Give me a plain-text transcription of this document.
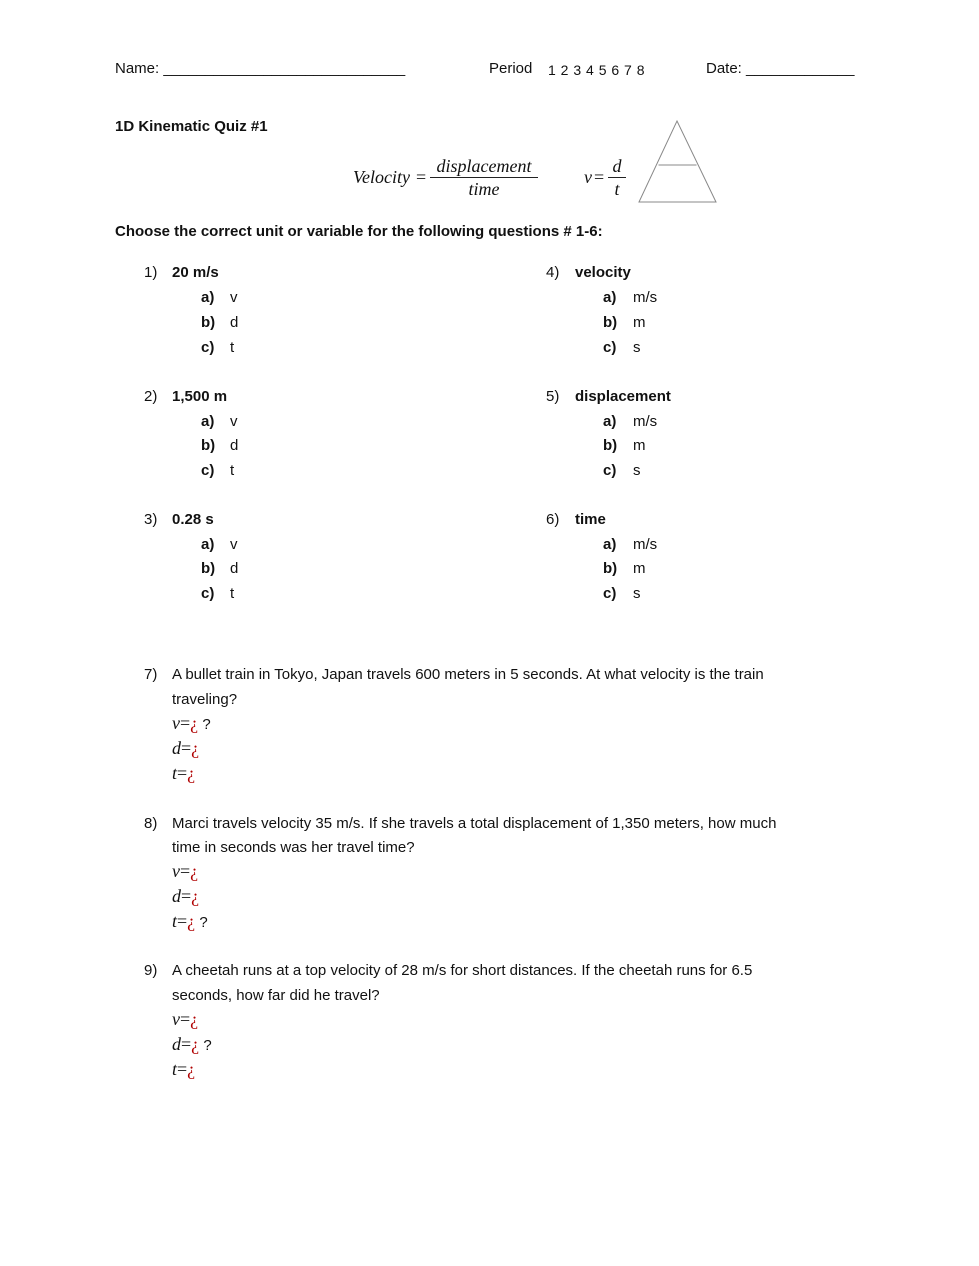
Name: _____________________________	Period 1 2 3 4 5 6 7 8	Date: _____________
1D Kinematic Quiz #1
Velocity =
displacement
time
$v = \frac{d}{t}$
Choose the correct unit or variable for the following questions # 1-6:
1) 20 m/s
a) v
b) d
c) t
2) 1,500 m
a) v
b) d
c) t
3) 0.28 s
a) v
b) d
c) t
4) velocity
a) m/s
b) m
c) s
5) displacement
a) m/s
b) m
c) s
6) time
a) m/s
b) m
c) s
7) A bullet train in Tokyo, Japan travels 600 meters in 5 seconds. At what velocity is the train
traveling?
v=¿ ?
d=¿
t=¿
8) Marci travels velocity 35 m/s. If she travels a total displacement of 1,350 meters, how much
time in seconds was her travel time?
v=¿
d=¿
t=¿ ?
9) A cheetah runs at a top velocity of 28 m/s for short distances. If the cheetah runs for 6.5
seconds, how far did he travel?
v=¿
d=¿ ?
t=¿
